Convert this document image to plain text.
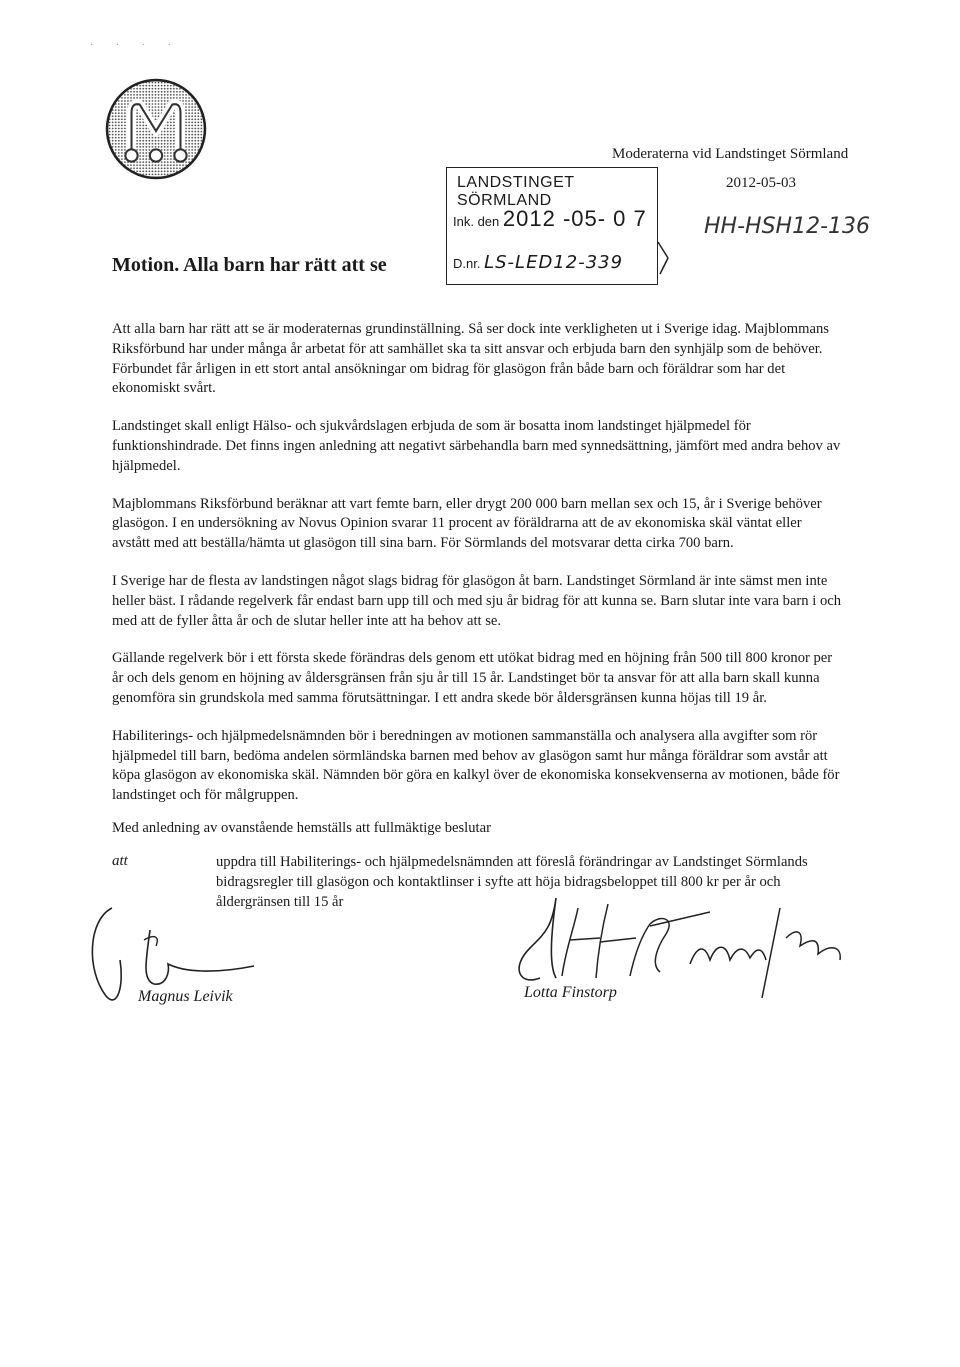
· · · ·
Moderaterna vid Landstinget Sörmland
LANDSTINGET SÖRMLAND
Ink. den 2012 -05- 0 7
D.nr. LS-LED12-339
2012-05-03
HH-HSH12-136
Motion. Alla barn har rätt att se

Att alla barn har rätt att se är moderaternas grundinställning. Så ser dock inte verkligheten ut i Sverige idag. Majblommans Riksförbund har under många år arbetat för att samhället ska ta sitt ansvar och erbjuda barn den synhjälp som de behöver. Förbundet får årligen in ett stort antal ansökningar om bidrag för glasögon från både barn och föräldrar som har det ekonomiskt svårt.

Landstinget skall enligt Hälso- och sjukvårdslagen erbjuda de som är bosatta inom landstinget hjälpmedel för funktionshindrade. Det finns ingen anledning att negativt särbehandla barn med synnedsättning, jämfört med andra behov av hjälpmedel.

Majblommans Riksförbund beräknar att vart femte barn, eller drygt 200 000 barn mellan sex och 15, år i Sverige behöver glasögon. I en undersökning av Novus Opinion svarar 11 procent av föräldrarna att de av ekonomiska skäl väntat eller avstått med att beställa/hämta ut glasögon till sina barn. För Sörmlands del motsvarar detta cirka 700 barn.

I Sverige har de flesta av landstingen något slags bidrag för glasögon åt barn. Landstinget Sörmland är inte sämst men inte heller bäst. I rådande regelverk får endast barn upp till och med sju år bidrag för att kunna se. Barn slutar inte vara barn i och med att de fyller åtta år och de slutar heller inte att ha behov att se.

Gällande regelverk bör i ett första skede förändras dels genom ett utökat bidrag med en höjning från 500 till 800 kronor per år och dels genom en höjning av åldersgränsen från sju år till 15 år. Landstinget bör ta ansvar för att alla barn skall kunna genomföra sin grundskola med samma förutsättningar. I ett andra skede bör åldersgränsen kunna höjas till 19 år.

Habiliterings- och hjälpmedelsnämnden bör i beredningen av motionen sammanställa och analysera alla avgifter som rör hjälpmedel till barn, bedöma andelen sörmländska barnen med behov av glasögon samt hur många föräldrar som avstår att köpa glasögon av ekonomiska skäl. Nämnden bör göra en kalkyl över de ekonomiska konsekvenserna av motionen, både för landstinget och för målgruppen.

Med anledning av ovanstående hemställs att fullmäktige beslutar
att	uppdra till Habiliterings- och hjälpmedelsnämnden att föreslå förändringar av Landstinget Sörmlands bidragsregler till glasögon och kontaktlinser i syfte att höja bidragsbeloppet till 800 kr per år och åldergränsen till 15 år
Magnus Leivik	Lotta Finstorp
